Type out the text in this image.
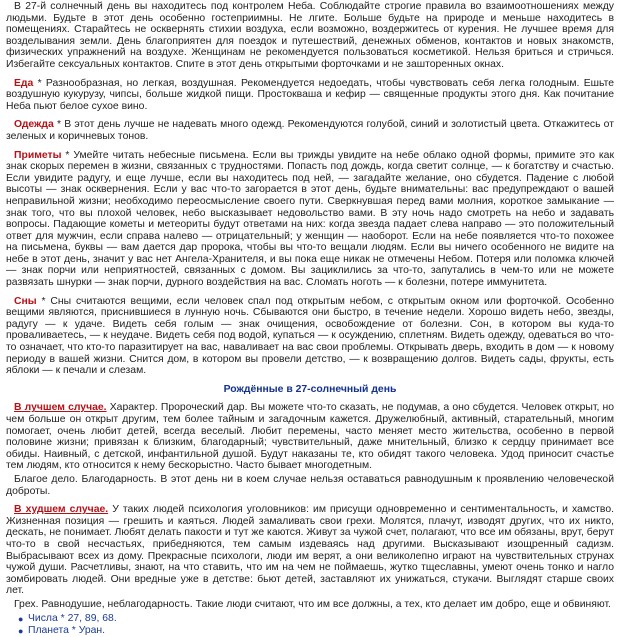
В 27-й солнечный день вы находитесь под контролем Неба. Соблюдайте строгие правила во взаимоотношениях между людьми. Будьте в этот день особенно гостеприимны. Не лгите. Больше будьте на природе и меньше находитесь в помещениях. Старайтесь не осквернять стихии воздуха, если возможно, воздержитесь от курения. Не лучшее время для возделывания земли. День благоприятен для поездок и путешествий, денежных обменов, контактов и новых знакомств, физических упражнений на воздухе. Женщинам не рекомендуется пользоваться косметикой. Нельзя бриться и стричься. Избегайте сексуальных контактов. Спите в этот день открытыми форточками и не зашторенных окнах.

Еда * Разнообразная, но легкая, воздушная. Рекомендуется недоедать, чтобы чувствовать себя легка голодным. Ешьте воздушную кукурузу, чипсы, больше жидкой пищи. Простокваша и кефир — священные продукты этого дня. Как почитание Неба пьют белое сухое вино.

Одежда * В этот день лучше не надевать много одежд. Рекомендуются голубой, синий и золотистый цвета. Откажитесь от зеленых и коричневых тонов.

Приметы * Умейте читать небесные письмена. Если вы трижды увидите на небе облако одной формы, примите это как знак скорых перемен в жизни, связанных с трудностями. Попасть под дождь, когда светит солнце, — к богатству и счастью. Если увидите радугу, и еще лучше, если вы находитесь под ней, — загадайте желание, оно сбудется. Падение с любой высоты — знак осквернения. Если у вас что-то загорается в этот день, будьте внимательны: вас предупреждают о вашей неправильной жизни; необходимо переосмысление своего пути. Сверкнувшая перед вами молния, короткое замыкание — знак того, что вы плохой человек, небо высказывает недовольство вами. В эту ночь надо смотреть на небо и задавать вопросы. Падающие кометы и метеориты будут ответами на них: когда звезда падает слева направо — это положительный ответ для мужчин, если справа налево — отрицательный; у женщин — наоборот. Если на небе появляется что-то похожее на письмена, буквы — вам дается дар пророка, чтобы вы что-то вещали людям. Если вы ничего особенного не видите на небе в этот день, значит у вас нет Ангела-Хранителя, и вы пока еще никак не отмечены Небом. Потеря или поломка ключей— знак порчи или неприятностей, связанных с домом. Вы зациклились за что-то, запутались в чем-то или не можете развязать шнурки — знак порчи, дурного воздействия на вас. Сломать ноготь — к болезни, потере иммунитета.

Сны * Сны считаются вещими, если человек спал под открытым небом, с открытым окном или форточкой. Особенно вещими являются, приснившиеся в лунную ночь. Сбываются они быстро, в течение недели. Хорошо видеть небо, звезды, радугу — к удаче. Видеть себя голым — знак очищения, освобождение от болезни. Сон, в котором вы куда-то проваливаетесь, — к неудаче. Видеть себя под водой, купаться — к осуждению, сплетням. Видеть одежду, одеваться во что-то означает, что кто-то паразитирует на вас, наваливает на вас свои проблемы. Открывать дверь, входить в дом — к новому периоду в вашей жизни. Снится дом, в котором вы провели детство, — к возвращению долгов. Видеть сады, фрукты, есть яблоки — к печали и слезам.

Рождённые в 27-солнечный день

В лучшем случае. Характер. Пророческий дар. Вы можете что-то сказать, не подумав, а оно сбудется. Человек открыт, но чем больше он открыт другим, тем более тайным и загадочным кажется. Дружелюбный, активный, старательный, многим помогает, очень любит детей, всегда веселый. Любит перемены, часто меняет место жительства, особенно в первой половине жизни; привязан к близким, благодарный; чувствительный, даже мнительный, близко к сердцу принимает все обиды. Наивный, с детской, инфантильной душой. Будут наказаны те, кто обидят такого человека. Удод приносит счастье тем людям, кто относится к нему бескорыстно. Часто бывает многодетным.

Благое дело. Благодарность. В этот день ни в коем случае нельзя оставаться равнодушным к проявлению человеческой доброты.

В худшем случае. У таких людей психология уголовников: им присущи одновременно и сентиментальность, и хамство. Жизненная позиция — грешить и каяться. Людей замаливать свои грехи. Молятся, плачут, изводят других, что их никто, дескать, не понимает. Любят делать пакости и тут же каются. Живут за чужой счет, полагают, что все им обязаны, врут, берут что-то в свой несчастьях, прибедняются, тем самым издеваясь над другими. Высказывают изощренный садизм. Выбрасывают всех из дому. Прекрасные психологи, люди им верят, а они великолепно играют на чувствительных струнах чужой души. Расчетливы, знают, на что ставить, что им на чем не поймаешь, жутко тщеславны, умеют очень тонко и нагло зомбировать людей. Они вредные уже в детстве: бьют детей, заставляют их унижаться, стукачи. Выглядят старше своих лет.

Грех. Равнодушие, неблагодарность. Такие люди считают, что им все должны, а тех, кто делает им добро, еще и обвиняют.

● Числа * 27, 89, 68.
● Планета * Уран.
